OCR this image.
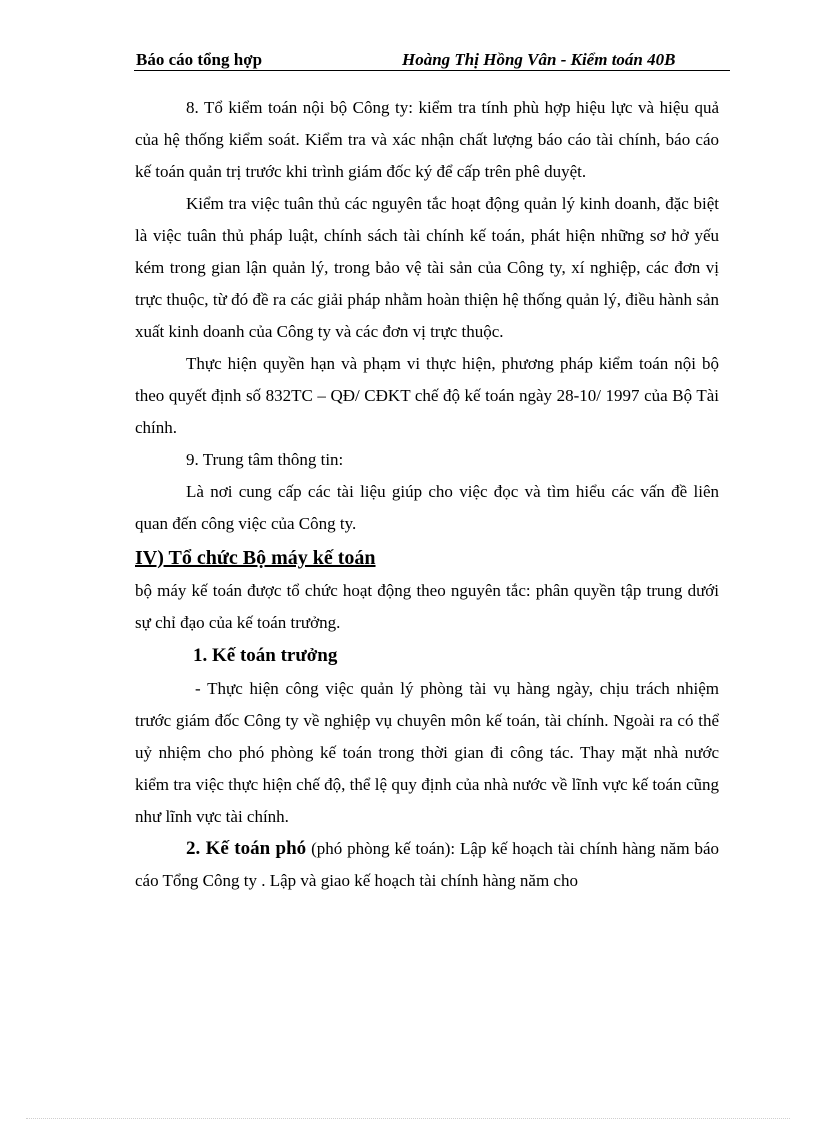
Báo cáo tổng hợp	Hoàng Thị Hồng Vân - Kiểm toán 40B

8. Tổ kiểm toán nội bộ Công ty: kiểm tra tính phù hợp hiệu lực và hiệu quả của hệ thống kiểm soát. Kiểm tra và xác nhận chất lượng báo cáo tài chính, báo cáo kế toán quản trị trước khi trình giám đốc ký để cấp trên phê duyệt.

Kiểm tra việc tuân thủ các nguyên tắc hoạt động quản lý kinh doanh, đặc biệt là việc tuân thủ pháp luật, chính sách tài chính kế toán, phát hiện những sơ hở yếu kém trong gian lận quản lý, trong bảo vệ tài sản của Công ty, xí nghiệp, các đơn vị trực thuộc, từ đó đề ra các giải pháp nhằm hoàn thiện hệ thống quản lý, điều hành sản xuất kinh doanh của Công ty và các đơn vị trực thuộc.

Thực hiện quyền hạn và phạm vi thực hiện, phương pháp kiểm toán nội bộ theo quyết định số 832TC – QĐ/ CĐKT chế độ kế toán ngày 28-10/ 1997 của Bộ Tài chính.

9. Trung tâm thông tin:

Là nơi cung cấp các tài liệu giúp cho việc đọc và tìm hiểu các vấn đề liên quan đến công việc của Công ty.

IV) Tổ chức Bộ máy kế toán

bộ máy kế toán được tổ chức hoạt động theo nguyên tắc: phân quyền tập trung dưới sự chỉ đạo của kế toán trưởng.

1. Kế toán trưởng

- Thực hiện công việc quản lý phòng tài vụ hàng ngày, chịu trách nhiệm trước giám đốc Công ty về nghiệp vụ chuyên môn kế toán, tài chính. Ngoài ra có thể uỷ nhiệm cho phó phòng kế toán trong thời gian đi công tác. Thay mặt nhà nước kiểm tra việc thực hiện chế độ, thể lệ quy định của nhà nước về lĩnh vực kế toán cũng như lĩnh vực tài chính.

2. Kế toán phó (phó phòng kế toán): Lập kế hoạch tài chính hàng năm báo cáo Tổng Công ty . Lập và giao kế hoạch tài chính hàng năm cho
